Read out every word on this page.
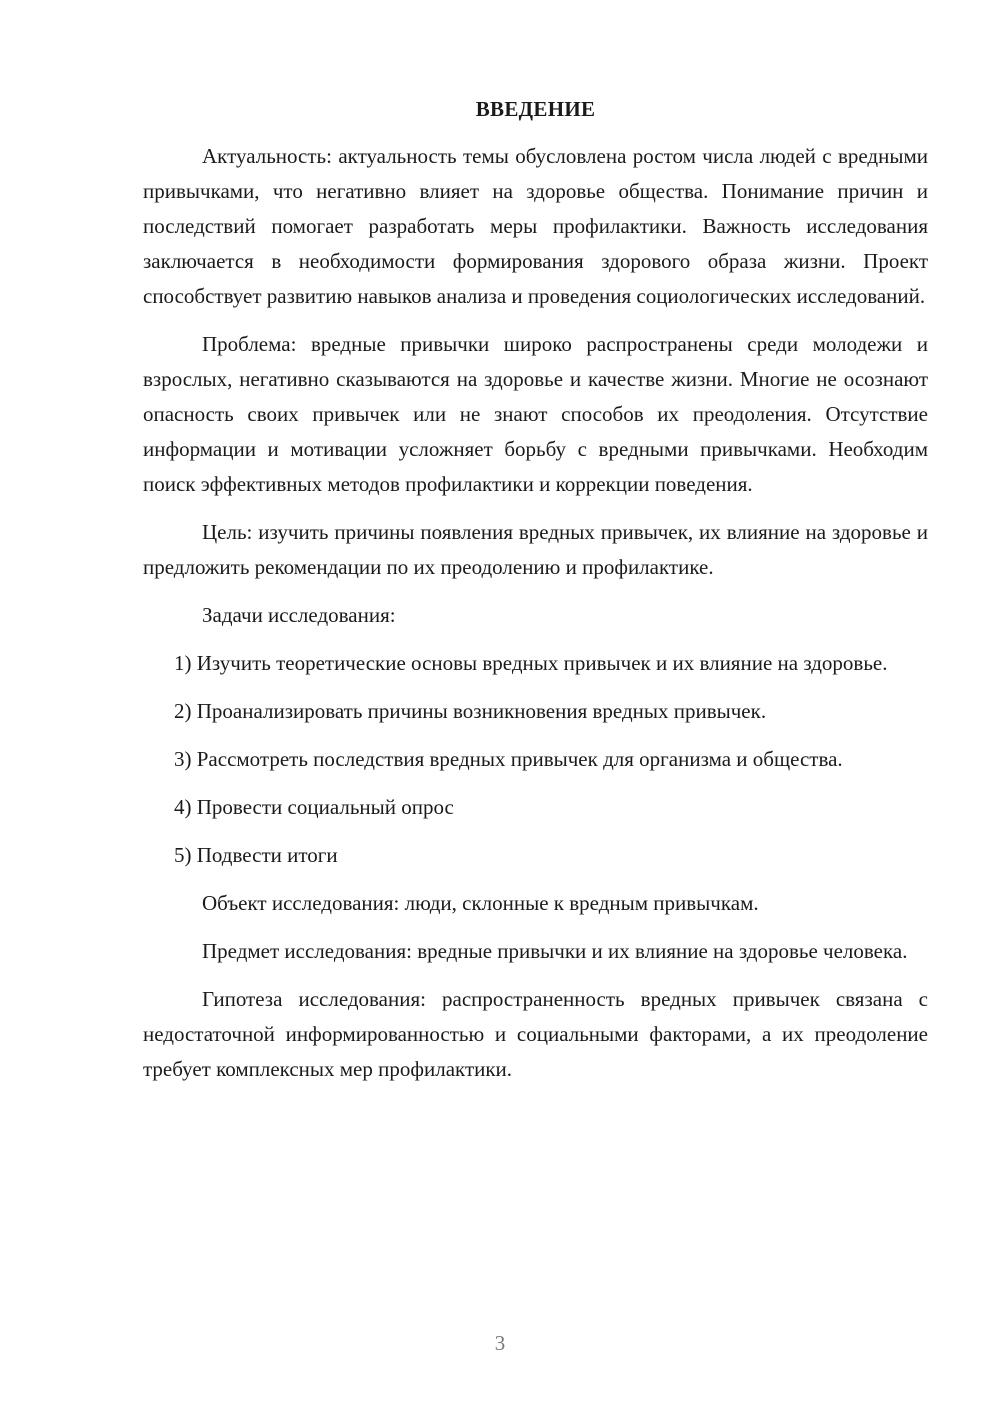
ВВЕДЕНИЕ

Актуальность: актуальность темы обусловлена ростом числа людей с вредными привычками, что негативно влияет на здоровье общества. Понимание причин и последствий помогает разработать меры профилактики. Важность исследования заключается в необходимости формирования здорового образа жизни. Проект способствует развитию навыков анализа и проведения социологических исследований.

Проблема: вредные привычки широко распространены среди молодежи и взрослых, негативно сказываются на здоровье и качестве жизни. Многие не осознают опасность своих привычек или не знают способов их преодоления. Отсутствие информации и мотивации усложняет борьбу с вредными привычками. Необходим поиск эффективных методов профилактики и коррекции поведения.

Цель: изучить причины появления вредных привычек, их влияние на здоровье и предложить рекомендации по их преодолению и профилактике.

Задачи исследования:

1) Изучить теоретические основы вредных привычек и их влияние на здоровье.

2) Проанализировать причины возникновения вредных привычек.

3) Рассмотреть последствия вредных привычек для организма и общества.

4) Провести социальный опрос

5) Подвести итоги

Объект исследования: люди, склонные к вредным привычкам.

Предмет исследования: вредные привычки и их влияние на здоровье человека.

Гипотеза исследования: распространенность вредных привычек связана с недостаточной информированностью и социальными факторами, а их преодоление требует комплексных мер профилактики.

3
